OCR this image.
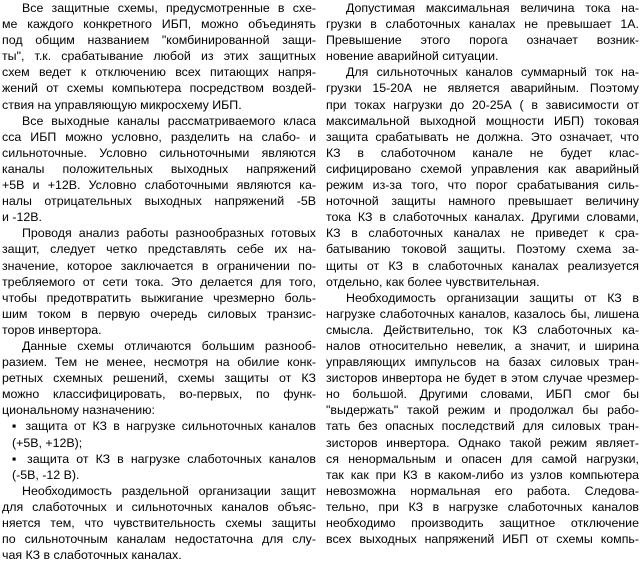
Все защитные схемы, предусмотренные в схе-
ме каждого конкретного ИБП, можно объединять
под общим названием "комбинированной защи-
ты", т.к. срабатывание любой из этих защитных
схем ведет к отключению всех питающих напря-
жений от схемы компьютера посредством воздей-
ствия на управляющую микросхему ИБП.
Все выходные каналы рассматриваемого класа
сса ИБП можно условно, разделить на слабо- и
сильноточные. Условно сильноточными являются
каналы положительных выходных напряжений
+5В и +12В. Условно слаботочными являются ка-
налы отрицательных выходных напряжений -5В
и -12В.
Проводя анализ работы разнообразных готовых
защит, следует четко представлять себе их на-
значение, которое заключается в ограничении по-
требляемого от сети тока. Это делается для того,
чтобы предотвратить выжигание чрезмерно боль-
шим током в первую очередь силовых транзис-
торов инвертора.
Данные схемы отличаются большим разнооб-
разием. Тем не менее, несмотря на обилие конк-
ретных схемных решений, схемы защиты от КЗ
можно классифицировать, во-первых, по функ-
циональному назначению:
▪ защита от КЗ в нагрузке сильноточных каналов
(+5В, +12В);
▪ защита от КЗ в нагрузке слаботочных каналов
(-5В, -12 В).
Необходимость раздельной организации защит
для слаботочных и сильноточных каналов объяс-
няется тем, что чувствительность схемы защиты
по сильноточным каналам недостаточна для слу-
чая КЗ в слаботочных каналах.
Допустимая максимальная величина тока на-
грузки в слаботочных каналах не превышает 1А.
Превышение этого порога означает возник-
новение аварийной ситуации.
Для сильноточных каналов суммарный ток на-
грузки 15-20А не является аварийным. Поэтому
при токах нагрузки до 20-25А ( в зависимости от
максимальной выходной мощности ИБП) токовая
защита срабатывать не должна. Это означает, что
КЗ в слаботочном канале не будет клас-
сифицировано схемой управления как аварийный
режим из-за того, что порог срабатывания силь-
ноточной защиты намного превышает величину
тока КЗ в слаботочных каналах. Другими словами,
КЗ в слаботочных каналах не приведет к сра-
батыванию токовой защиты. Поэтому схема за-
щиты от КЗ в слаботочных каналах реализуется
отдельно, как более чувствительная.
Необходимость организации защиты от КЗ в
нагрузке слаботочных каналов, казалось бы, лишена
смысла. Действительно, ток КЗ слаботочных ка-
налов относительно невелик, а значит, и ширина
управляющих импульсов на базах силовых тран-
зисторов инвертора не будет в этом случае чрезмер-
но большой. Другими словами, ИБП смог бы
"выдержать" такой режим и продолжал бы рабо-
тать без опасных последствий для силовых тран-
зисторов инвертора. Однако такой режим являет-
ся ненормальным и опасен для самой нагрузки,
так как при КЗ в каком-либо из узлов компьютера
невозможна нормальная его работа. Следова-
тельно, при КЗ в нагрузке слаботочных каналов
необходимо производить защитное отключение
всех выходных напряжений ИБП от схемы компь-
